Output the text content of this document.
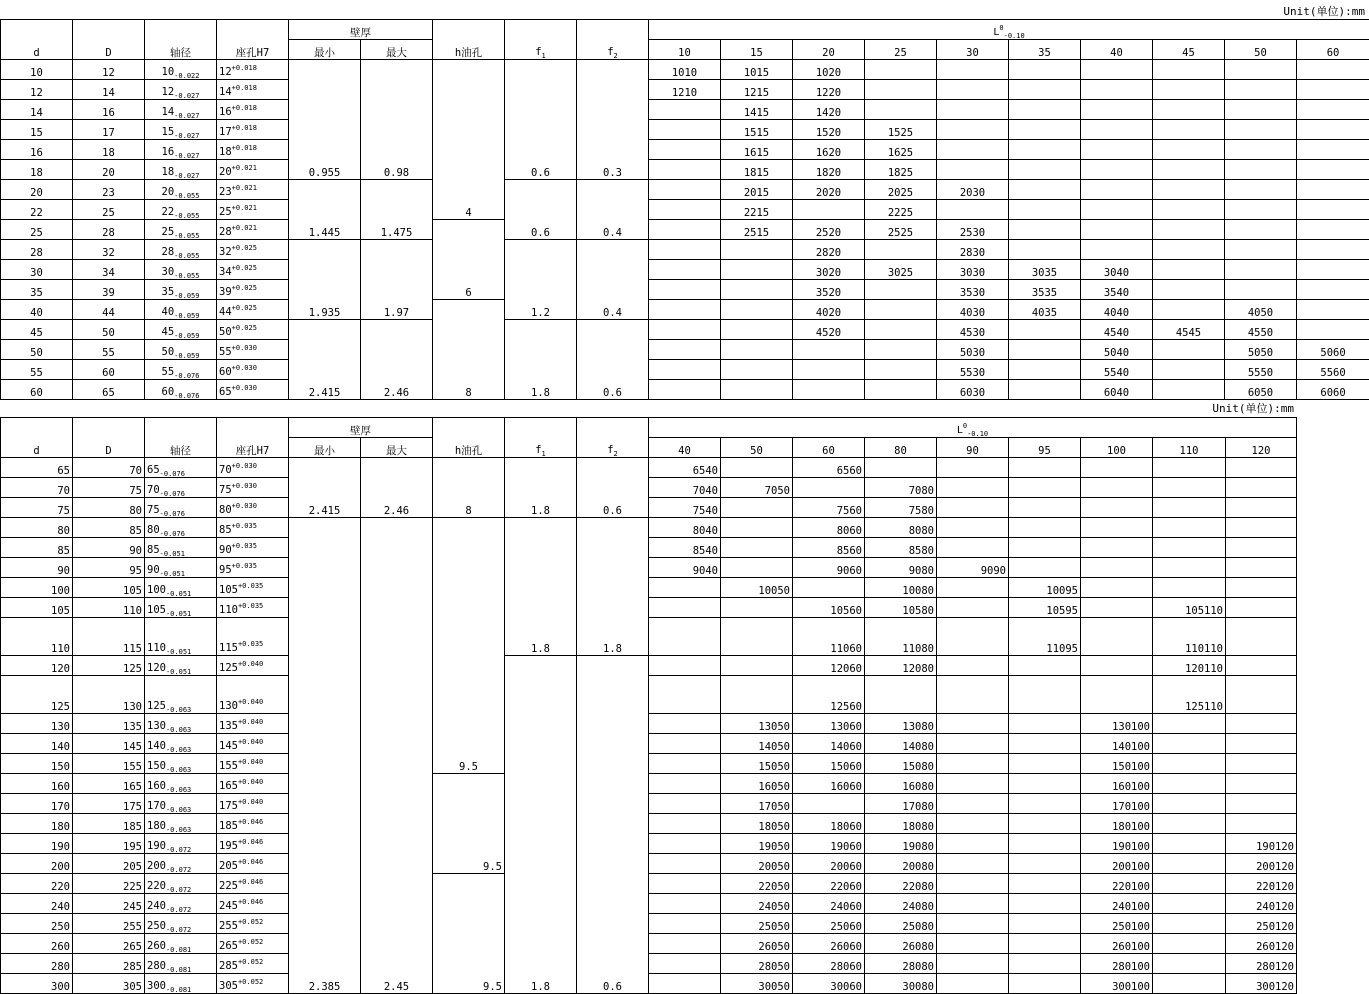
Unit(单位):mm
d	D	轴径	座孔H7	壁厚		h油孔	$f_1$	$f_2$	$L^0_{-0.10}$
				最小	最大				10	15	20	25	30	35	40	45	50	60
10	12	$10_{-0.022}$	$12^{+0.018}$	0.955	0.98	4	0.6	0.3	1010	1015	1020							
12	14	$12_{-0.027}$	$14^{+0.018}$						1210	1215	1220							
14	16	$14_{-0.027}$	$16^{+0.018}$							1415	1420							
15	17	$15_{-0.027}$	$17^{+0.018}$							1515	1520	1525						
16	18	$16_{-0.027}$	$18^{+0.018}$							1615	1620	1625						
18	20	$18_{-0.027}$	$20^{+0.021}$							1815	1820	1825						
20	23	$20_{-0.055}$	$23^{+0.021}$	1.445	1.475		0.6	0.4		2015	2020	2025	2030					
22	25	$22_{-0.055}$	$25^{+0.021}$							2215		2225						
25	28	$25_{-0.055}$	$28^{+0.021}$			6				2515	2520	2525	2530					
28	32	$28_{-0.055}$	$32^{+0.025}$	1.935	1.97		1.2	0.4			2820		2830					
30	34	$30_{-0.055}$	$34^{+0.025}$								3020	3025	3030	3035	3040			
35	39	$35_{-0.059}$	$39^{+0.025}$								3520		3530	3535	3540			
40	44	$40_{-0.059}$	$44^{+0.025}$			8					4020		4030	4035	4040		4050	
45	50	$45_{-0.059}$	$50^{+0.025}$	2.415	2.46		1.8	0.6			4520		4530		4540	4545	4550	
50	55	$50_{-0.059}$	$55^{+0.030}$										5030		5040		5050	5060
55	60	$55_{-0.076}$	$60^{+0.030}$										5530		5540		5550	5560
60	65	$60_{-0.076}$	$65^{+0.030}$										6030		6040		6050	6060
Unit(单位):mm
d	D	轴径	座孔H7	壁厚		h油孔	$f_1$	$f_2$	$L^0_{-0.10}$
				最小	最大				40	50	60	80	90	95	100	110	120
65	70	$65_{-0.076}$	$70^{+0.030}$	2.415	2.46	8	1.8	0.6	6540		6560						
70	75	$70_{-0.076}$	$75^{+0.030}$						7040	7050		7080					
75	80	$75_{-0.076}$	$80^{+0.030}$						7540		7560	7580					
80	85	$80_{-0.076}$	$85^{+0.035}$	2.385	2.45	9.5	1.8	1.8	8040		8060	8080					
85	90	$85_{-0.051}$	$90^{+0.035}$						8540		8560	8580					
90	95	$90_{-0.051}$	$95^{+0.035}$						9040		9060	9080	9090				
100	105	$100_{-0.051}$	$105^{+0.035}$							10050		10080		10095			
105	110	$105_{-0.051}$	$110^{+0.035}$								10560	10580		10595		105110	
110	115	$110_{-0.051}$	$115^{+0.035}$								11060	11080		11095		110110	
120	125	$120_{-0.051}$	$125^{+0.040}$				1.8	0.6			12060	12080				120110	
125	130	$125_{-0.063}$	$130^{+0.040}$								12560					125110	
130	135	$130_{-0.063}$	$135^{+0.040}$							13050	13060	13080			130100		
140	145	$140_{-0.063}$	$145^{+0.040}$							14050	14060	14080			140100		
150	155	$150_{-0.063}$	$155^{+0.040}$							15050	15060	15080			150100		
160	165	$160_{-0.063}$	$165^{+0.040}$			9.5				16050	16060	16080			160100		
170	175	$170_{-0.063}$	$175^{+0.040}$							17050		17080			170100		
180	185	$180_{-0.063}$	$185^{+0.046}$							18050	18060	18080			180100		
190	195	$190_{-0.072}$	$195^{+0.046}$							19050	19060	19080			190100		190120
200	205	$200_{-0.072}$	$205^{+0.046}$							20050	20060	20080			200100		200120
220	225	$220_{-0.072}$	$225^{+0.046}$			9.5				22050	22060	22080			220100		220120
240	245	$240_{-0.072}$	$245^{+0.046}$							24050	24060	24080			240100		240120
250	255	$250_{-0.072}$	$255^{+0.052}$							25050	25060	25080			250100		250120
260	265	$260_{-0.081}$	$265^{+0.052}$							26050	26060	26080			260100		260120
280	285	$280_{-0.081}$	$285^{+0.052}$							28050	28060	28080			280100		280120
300	305	$300_{-0.081}$	$305^{+0.052}$							30050	30060	30080			300100		300120
